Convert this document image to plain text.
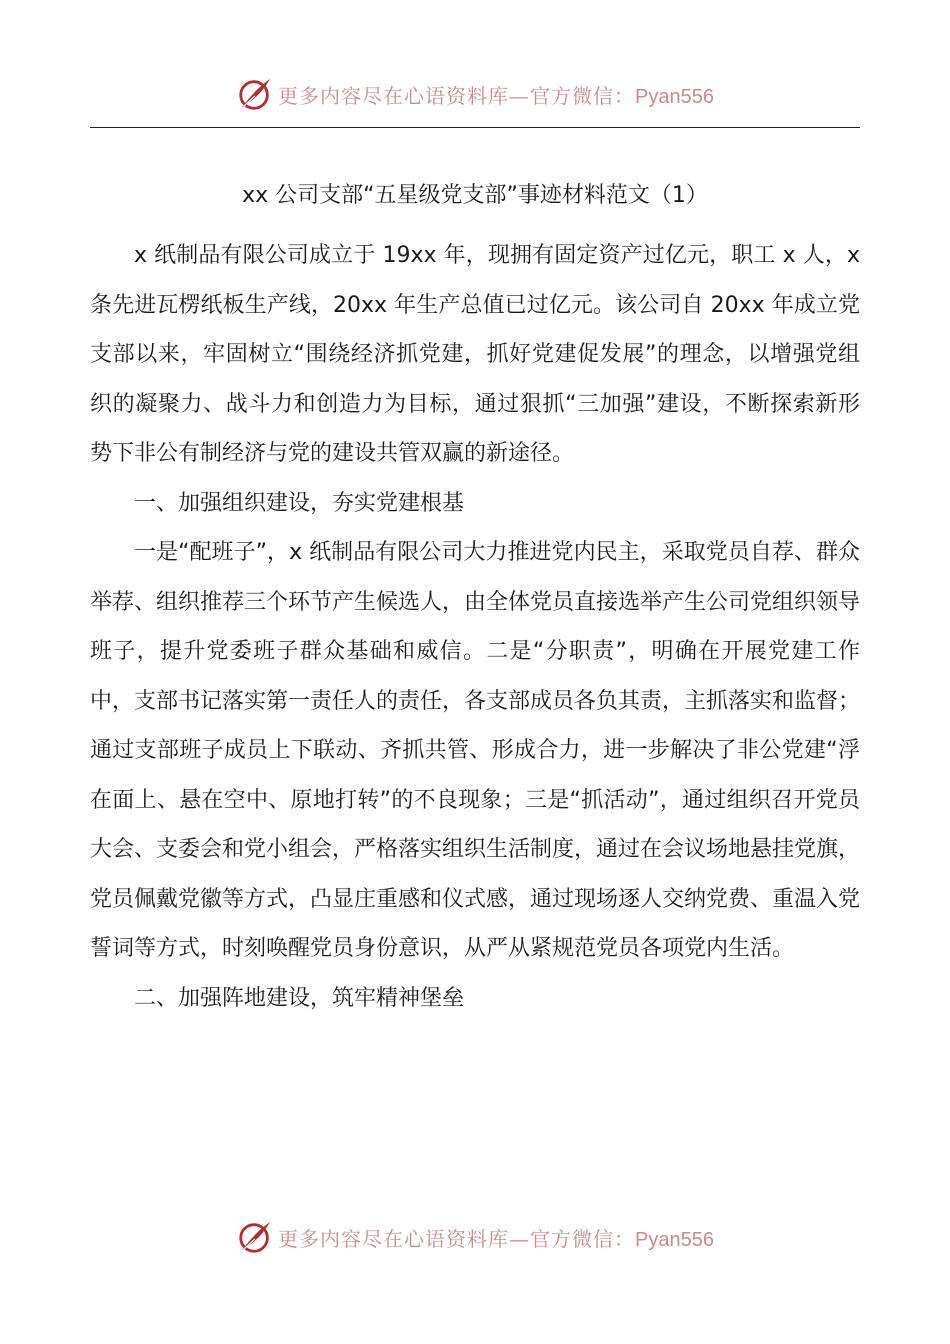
更多内容尽在心语资料库—官方微信：Pyan556
xx 公司支部“五星级党支部”事迹材料范文（1）

x 纸制品有限公司成立于 19xx 年，现拥有固定资产过亿元，职工 x 人，x 条先进瓦楞纸板生产线，20xx 年生产总值已过亿元。该公司自 20xx 年成立党支部以来，牢固树立“围绕经济抓党建，抓好党建促发展”的理念，以增强党组织的凝聚力、战斗力和创造力为目标，通过狠抓“三加强”建设，不断探索新形势下非公有制经济与党的建设共管双赢的新途径。

一、加强组织建设，夯实党建根基

一是“配班子”，x 纸制品有限公司大力推进党内民主，采取党员自荐、群众举荐、组织推荐三个环节产生候选人，由全体党员直接选举产生公司党组织领导班子，提升党委班子群众基础和威信。二是“分职责”，明确在开展党建工作中，支部书记落实第一责任人的责任，各支部成员各负其责，主抓落实和监督；通过支部班子成员上下联动、齐抓共管、形成合力，进一步解决了非公党建“浮在面上、悬在空中、原地打转”的不良现象；三是“抓活动”，通过组织召开党员大会、支委会和党小组会，严格落实组织生活制度，通过在会议场地悬挂党旗，党员佩戴党徽等方式，凸显庄重感和仪式感，通过现场逐人交纳党费、重温入党誓词等方式，时刻唤醒党员身份意识，从严从紧规范党员各项党内生活。

二、加强阵地建设，筑牢精神堡垒

更多内容尽在心语资料库—官方微信：Pyan556
